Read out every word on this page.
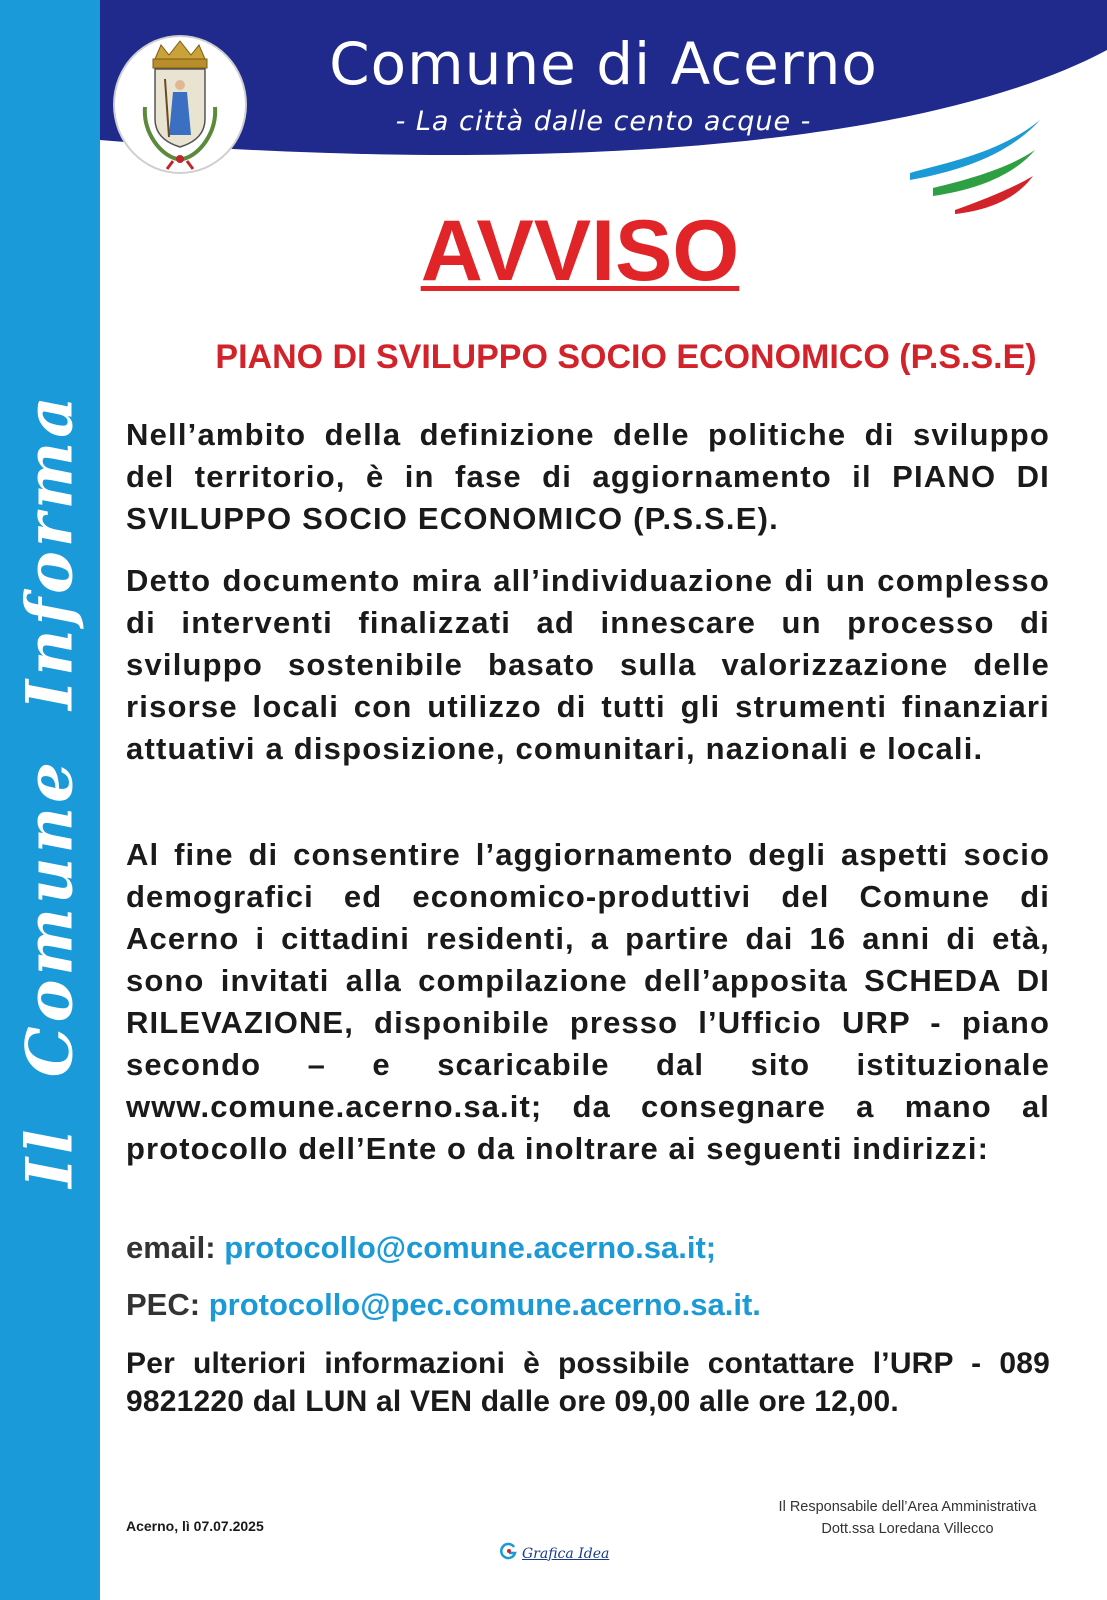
Il Comune Informa
Comune di Acerno
- La città dalle cento acque -
AVVISO
PIANO DI SVILUPPO SOCIO ECONOMICO (P.S.S.E)
Nell’ambito della definizione delle politiche di sviluppo del territorio, è in fase di aggiornamento il PIANO DI SVILUPPO SOCIO ECONOMICO (P.S.S.E).
Detto documento mira all’individuazione di un complesso di interventi finalizzati ad innescare un processo di sviluppo sostenibile basato sulla valorizzazione delle risorse locali con utilizzo di tutti gli strumenti finanziari attuativi a disposizione, comunitari, nazionali e locali.
Al fine di consentire l’aggiornamento degli aspetti socio demografici ed economico-produttivi del Comune di Acerno i cittadini residenti, a partire dai 16 anni di età, sono invitati alla compilazione dell’apposita SCHEDA DI RILEVAZIONE, disponibile presso l’Ufficio URP - piano secondo – e scaricabile dal sito istituzionale www.comune.acerno.sa.it; da consegnare a mano al protocollo dell’Ente o da inoltrare ai seguenti indirizzi:
email: protocollo@comune.acerno.sa.it;
PEC: protocollo@pec.comune.acerno.sa.it.
Per ulteriori informazioni è possibile contattare l’URP - 089 9821220 dal LUN al VEN dalle ore 09,00 alle ore 12,00.
Acerno, lì 07.07.2025
Il Responsabile dell’Area Amministrativa
Dott.ssa Loredana Villecco
Grafica Idea
